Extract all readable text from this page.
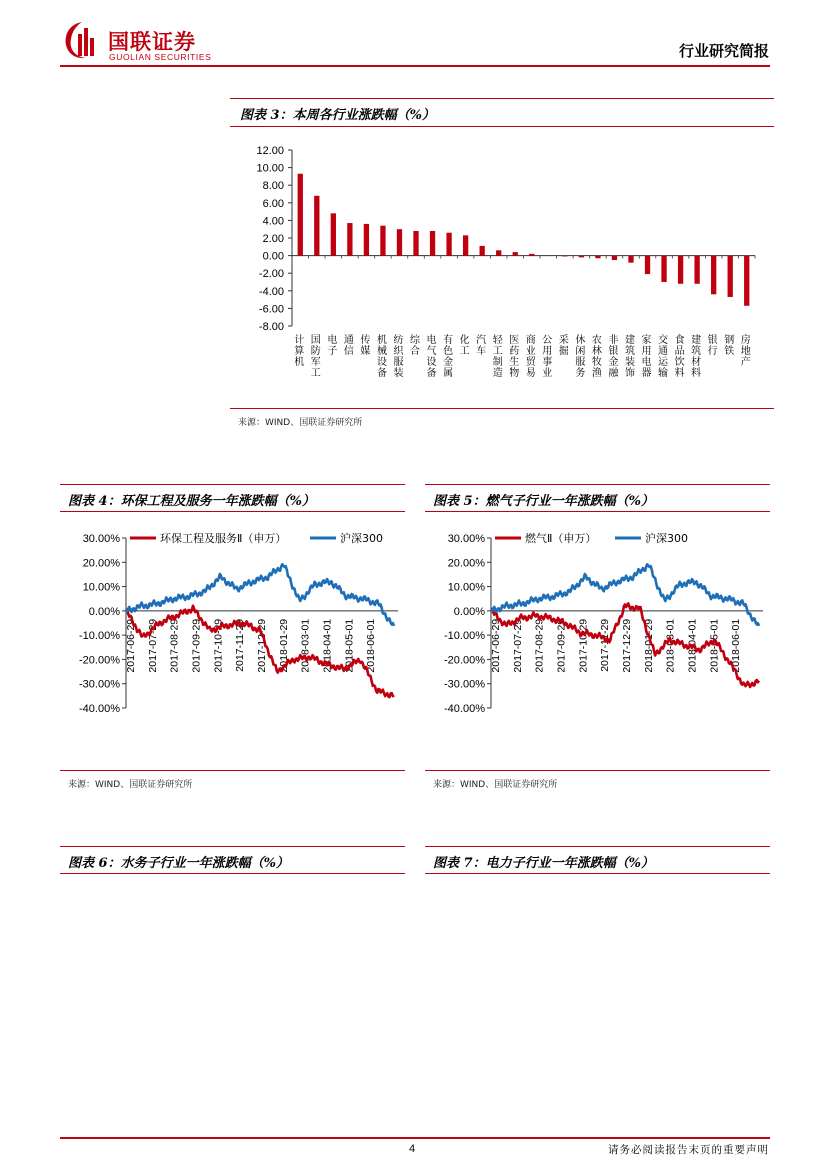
国联证券
GUOLIAN SECURITIES	行业研究简报
图表 3：本周各行业涨跌幅（%）
12.00
10.00
8.00
6.00
4.00
2.00
0.00
-2.00
-4.00
-6.00
-8.00
计算机 国防军工 电子 通信 传媒 机械设备 纺织服装 综合 电气设备 有色金属 化工 汽车 轻工制造 医药生物 商业贸易 公用事业 采掘 休闲服务 农林牧渔 非银金融 建筑装饰 家用电器 交通运输 食品饮料 建筑材料 银行 钢铁 房地产
来源：WIND、国联证券研究所
图表 4：环保工程及服务一年涨跌幅（%）
30.00%
20.00%
10.00%
0.00%
-10.00%
-20.00%
-30.00%
-40.00%
2017-06-29 2017-07-29 2017-08-29 2017-09-29 2017-10-29 2017-11-29 2017-12-29 2018-01-29 2018-03-01 2018-04-01 2018-05-01 2018-06-01
环保工程及服务Ⅱ（申万）	沪深300
来源：WIND、国联证券研究所
图表 5：燃气子行业一年涨跌幅（%）
30.00%
20.00%
10.00%
0.00%
-10.00%
-20.00%
-30.00%
-40.00%
2017-06-29 2017-07-29 2017-08-29 2017-09-29 2017-10-29 2017-11-29 2017-12-29 2018-01-29 2018-03-01 2018-04-01 2018-05-01 2018-06-01
燃气Ⅱ（申万）	沪深300
来源：WIND、国联证券研究所
图表 6：水务子行业一年涨跌幅（%）	图表 7：电力子行业一年涨跌幅（%）
4	请务必阅读报告末页的重要声明
